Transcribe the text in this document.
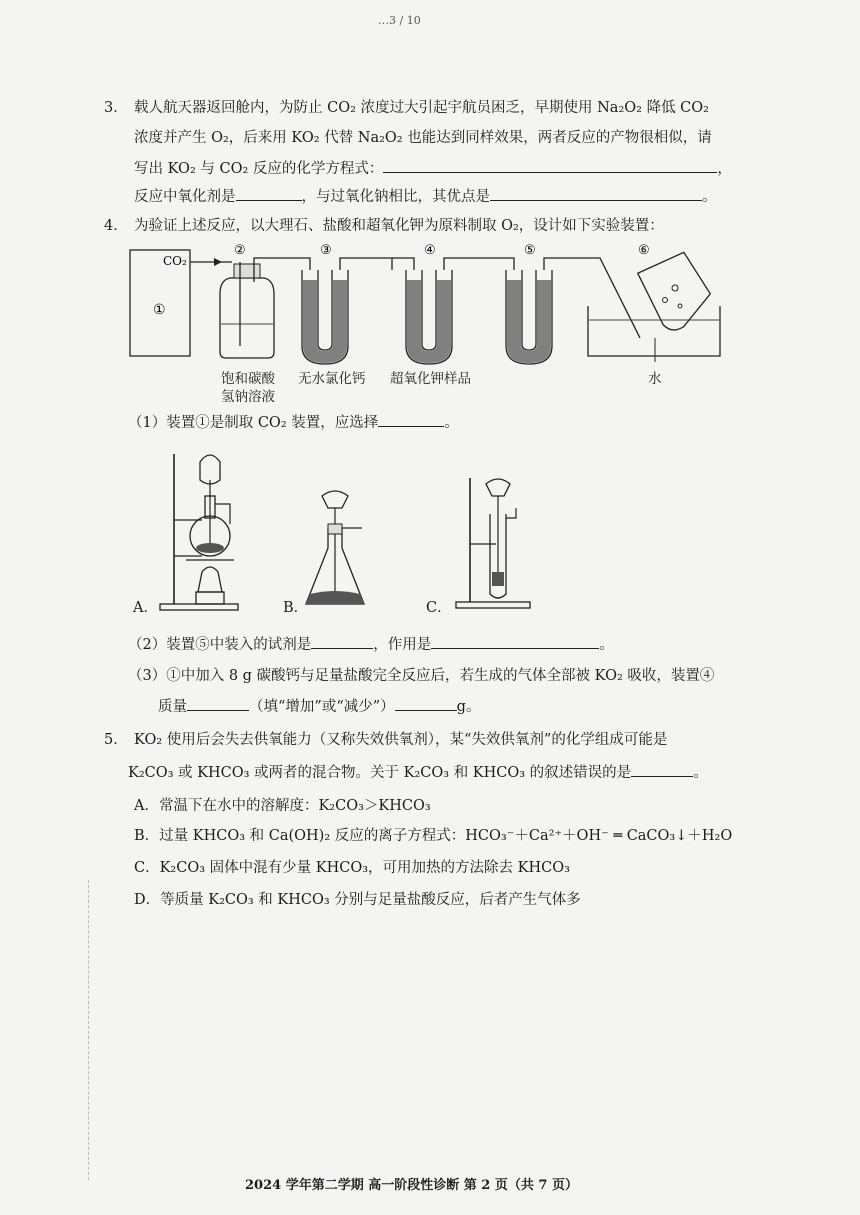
…3 / 10
3． 载人航天器返回舱内，为防止 CO₂ 浓度过大引起宇航员困乏，早期使用 Na₂O₂ 降低 CO₂
浓度并产生 O₂，后来用 KO₂ 代替 Na₂O₂ 也能达到同样效果，两者反应的产物很相似，请
写出 KO₂ 与 CO₂ 反应的化学方程式：	，
反应中氧化剂是	，与过氧化钠相比，其优点是	。
4． 为验证上述反应，以大理石、盐酸和超氧化钾为原料制取 O₂，设计如下实验装置：
①
CO₂
②	③	④	⑤	⑥
饱和碳酸
氢钠溶液
无水氯化钙 超氧化钾样品	水
（1）装置①是制取 CO₂ 装置，应选择	。
A．	B．	C．
（2）装置⑤中装入的试剂是	，作用是	。
（3）①中加入 8 g 碳酸钙与足量盐酸完全反应后，若生成的气体全部被 KO₂ 吸收，装置④
质量	（填“增加”或“减少”）	g。
5． KO₂ 使用后会失去供氧能力（又称失效供氧剂），某“失效供氧剂”的化学组成可能是
K₂CO₃ 或 KHCO₃ 或两者的混合物。关于 K₂CO₃ 和 KHCO₃ 的叙述错误的是	。
A．常温下在水中的溶解度：K₂CO₃＞KHCO₃
B．过量 KHCO₃ 和 Ca(OH)₂ 反应的离子方程式：HCO₃⁻＋Ca²⁺＋OH⁻ ═ CaCO₃↓＋H₂O
C．K₂CO₃ 固体中混有少量 KHCO₃，可用加热的方法除去 KHCO₃
D．等质量 K₂CO₃ 和 KHCO₃ 分别与足量盐酸反应，后者产生气体多
2024 学年第二学期 高一阶段性诊断 第 2 页（共 7 页）
